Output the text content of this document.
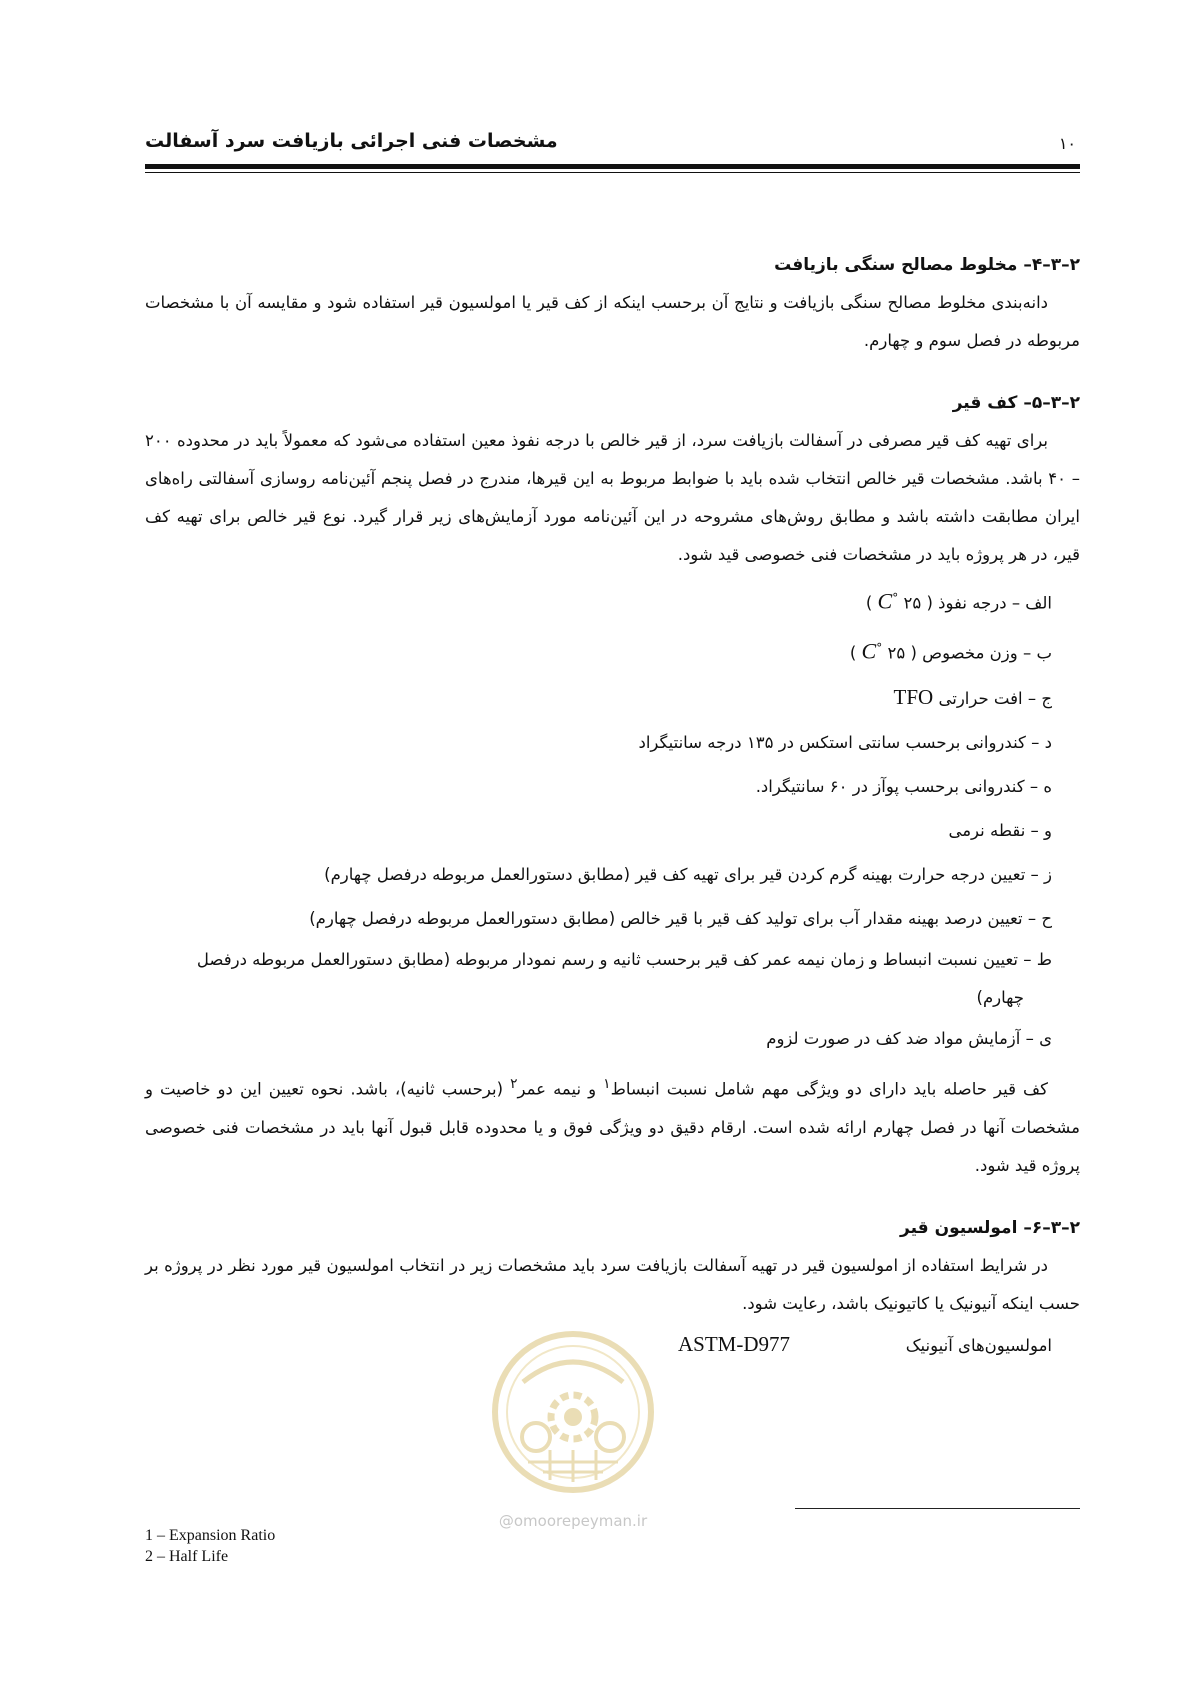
مشخصات فنی اجرائی بازیافت سرد آسفالت	۱۰
۲–۳–۴– مخلوط مصالح سنگی بازیافت

دانه‌بندی مخلوط مصالح سنگی بازیافت و نتایج آن برحسب اینکه از کف قیر یا امولسیون قیر استفاده شود و مقایسه آن با مشخصات مربوطه در فصل سوم و چهارم.

۲–۳–۵– کف قیر

برای تهیه کف قیر مصرفی در آسفالت بازیافت سرد، از قیر خالص با درجه نفوذ معین استفاده می‌شود که معمولاً باید در محدوده ۲۰۰ – ۴۰ باشد. مشخصات قیر خالص انتخاب شده باید با ضوابط مربوط به این قیرها، مندرج در فصل پنجم آئین‌نامه روسازی آسفالتی راه‌های ایران مطابقت داشته باشد و مطابق روش‌های مشروحه در این آئین‌نامه مورد آزمایش‌های زیر قرار گیرد. نوع قیر خالص برای تهیه کف قیر، در هر پروژه باید در مشخصات فنی خصوصی قید شود.

الف – درجه نفوذ ( C° ۲۵ )
ب – وزن مخصوص ( C° ۲۵ )
ج – افت حرارتی TFO
د – کندروانی برحسب سانتی استکس در ۱۳۵ درجه سانتیگراد
ه – کندروانی برحسب پوآز در ۶۰ سانتیگراد.
و – نقطه نرمی
ز – تعیین درجه حرارت بهینه گرم کردن قیر برای تهیه کف قیر (مطابق دستورالعمل مربوطه درفصل چهارم)
ح – تعیین درصد بهینه مقدار آب برای تولید کف قیر با قیر خالص (مطابق دستورالعمل مربوطه درفصل چهارم)
ط – تعیین نسبت انبساط و زمان نیمه عمر کف قیر برحسب ثانیه و رسم نمودار مربوطه (مطابق دستورالعمل مربوطه درفصل چهارم)
ی – آزمایش مواد ضد کف در صورت لزوم

کف قیر حاصله باید دارای دو ویژگی مهم شامل نسبت انبساط$^۱$ و نیمه عمر$^۲$ (برحسب ثانیه)، باشد. نحوه تعیین این دو خاصیت و مشخصات آنها در فصل چهارم ارائه شده است. ارقام دقیق دو ویژگی فوق و یا محدوده قابل قبول آنها باید در مشخصات فنی خصوصی پروژه قید شود.

۲–۳–۶– امولسیون قیر

در شرایط استفاده از امولسیون قیر در تهیه آسفالت بازیافت سرد باید مشخصات زیر در انتخاب امولسیون قیر مورد نظر در پروژه بر حسب اینکه آنیونیک یا کاتیونیک باشد، رعایت شود.

امولسیون‌های آنیونیک
ASTM-D977
1 – Expansion Ratio
2 – Half Life
@omoorepeyman.ir
